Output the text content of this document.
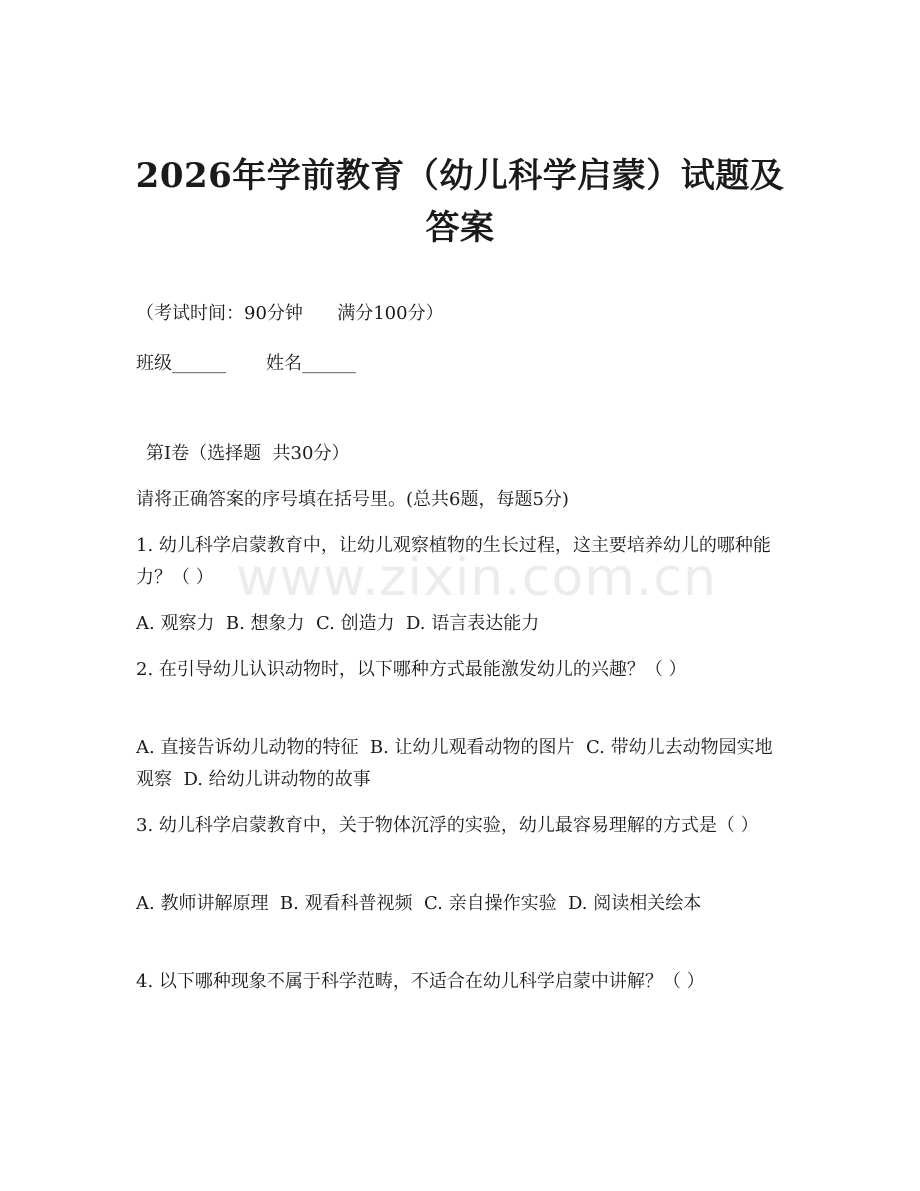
2026年学前教育（幼儿科学启蒙）试题及答案
（考试时间：90分钟      满分100分）
班级______       姓名______
第Ⅰ卷（选择题  共30分）
请将正确答案的序号填在括号里。(总共6题，每题5分)
1. 幼儿科学启蒙教育中，让幼儿观察植物的生长过程，这主要培养幼儿的哪种能力？（ ）
A. 观察力  B. 想象力  C. 创造力  D. 语言表达能力
2. 在引导幼儿认识动物时，以下哪种方式最能激发幼儿的兴趣？（ ）
A. 直接告诉幼儿动物的特征  B. 让幼儿观看动物的图片  C. 带幼儿去动物园实地观察  D. 给幼儿讲动物的故事
3. 幼儿科学启蒙教育中，关于物体沉浮的实验，幼儿最容易理解的方式是（ ）
A. 教师讲解原理  B. 观看科普视频  C. 亲自操作实验  D. 阅读相关绘本
4. 以下哪种现象不属于科学范畴，不适合在幼儿科学启蒙中讲解？（ ）
www.zixin.com.cn
